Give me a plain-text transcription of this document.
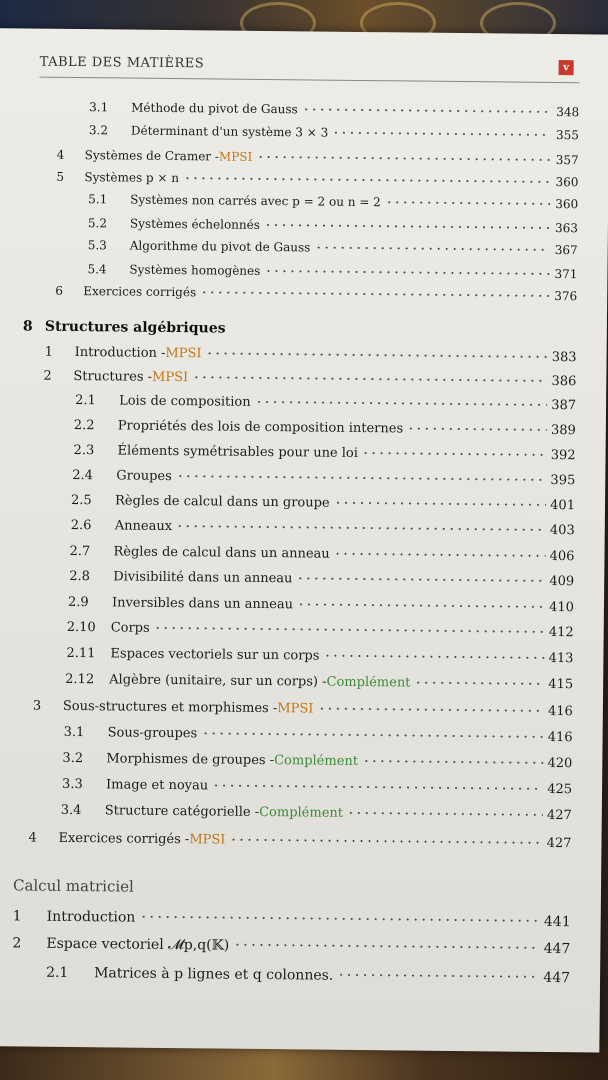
TABLE DES MATIÈRES	v
3.1	Méthode du pivot de Gauss	348
3.2	Déterminant d'un système 3 × 3	355
4	Systèmes de Cramer - MPSI	357
5	Systèmes p × n	360
5.1	Systèmes non carrés avec p = 2 ou n = 2	360
5.2	Systèmes échelonnés	363
5.3	Algorithme du pivot de Gauss	367
5.4	Systèmes homogènes	371
6	Exercices corrigés	376
8 Structures algébriques
1	Introduction - MPSI	383
2	Structures - MPSI	386
2.1	Lois de composition	387
2.2	Propriétés des lois de composition internes	389
2.3	Éléments symétrisables pour une loi	392
2.4	Groupes	395
2.5	Règles de calcul dans un groupe	401
2.6	Anneaux	403
2.7	Règles de calcul dans un anneau	406
2.8	Divisibilité dans un anneau	409
2.9	Inversibles dans un anneau	410
2.10	Corps	412
2.11	Espaces vectoriels sur un corps	413
2.12	Algèbre (unitaire, sur un corps) - Complément	415
3	Sous-structures et morphismes - MPSI	416
3.1	Sous-groupes	416
3.2	Morphismes de groupes - Complément	420
3.3	Image et noyau	425
3.4	Structure catégorielle - Complément	427
4	Exercices corrigés - MPSI	427
Calcul matriciel
1	Introduction	441
2	Espace vectoriel 𝓜p,q(𝕂)	447
2.1	Matrices à p lignes et q colonnes.	447
